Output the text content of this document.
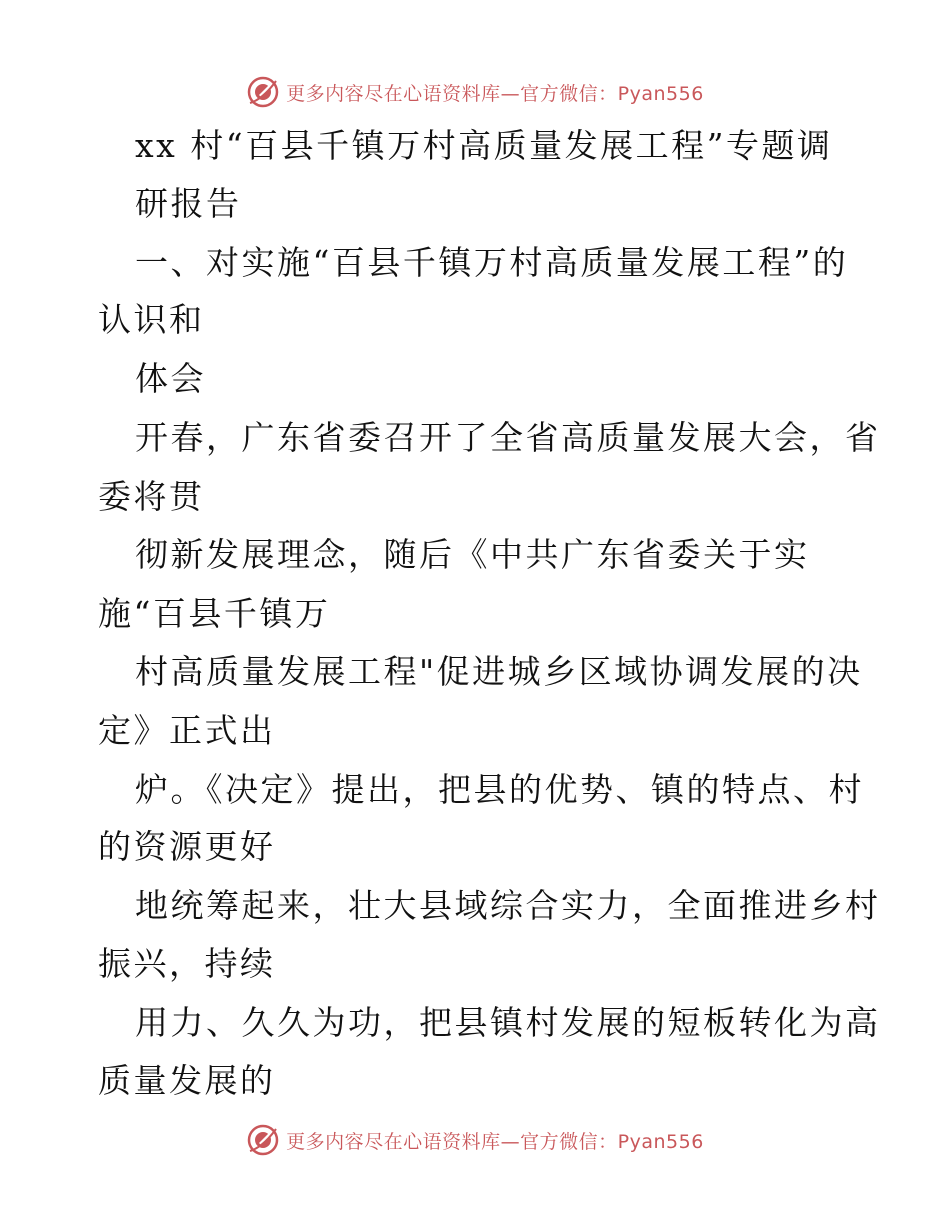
更多内容尽在心语资料库—官方微信：Pyan556
xx 村“百县千镇万村高质量发展工程”专题调
研报告
一、对实施“百县千镇万村高质量发展工程”的
认识和
体会
开春，广东省委召开了全省高质量发展大会，省
委将贯
彻新发展理念，随后《中共广东省委关于实
施“百县千镇万
村高质量发展工程"促进城乡区域协调发展的决
定》正式出
炉。《决定》提出，把县的优势、镇的特点、村
的资源更好
地统筹起来，壮大县域综合实力，全面推进乡村
振兴，持续
用力、久久为功，把县镇村发展的短板转化为高
质量发展的
更多内容尽在心语资料库—官方微信：Pyan556
